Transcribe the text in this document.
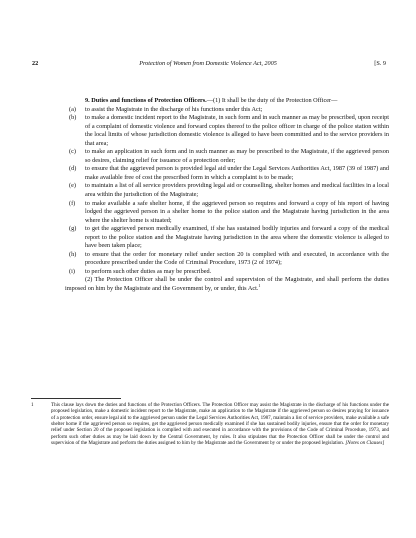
22	Protection of Women from Domestic Violence Act, 2005	[S. 9

9. Duties and functions of Protection Officers.—(1) It shall be the duty of the Protection Officer—

(a)	to assist the Magistrate in the discharge of his functions under this Act;
(b)	to make a domestic incident report to the Magistrate, in such form and in such manner as may be prescribed, upon receipt of a complaint of domestic violence and forward copies thereof to the police officer in charge of the police station within the local limits of whose jurisdiction domestic violence is alleged to have been committed and to the service providers in that area;
(c)	to make an application in such form and in such manner as may be prescribed to the Magistrate, if the aggrieved person so desires, claiming relief for issuance of a protection order;
(d)	to ensure that the aggrieved person is provided legal aid under the Legal Services Authorities Act, 1987 (39 of 1987) and make available free of cost the prescribed form in which a complaint is to be made;
(e)	to maintain a list of all service providers providing legal aid or counselling, shelter homes and medical facilities in a local area within the jurisdiction of the Magistrate;
(f)	to make available a safe shelter home, if the aggrieved person so requires and forward a copy of his report of having lodged the aggrieved person in a shelter home to the police station and the Magistrate having jurisdiction in the area where the shelter home is situated;
(g)	to get the aggrieved person medically examined, if she has sustained bodily injuries and forward a copy of the medical report to the police station and the Magistrate having jurisdiction in the area where the domestic violence is alleged to have been taken place;
(h)	to ensure that the order for monetary relief under section 20 is complied with and executed, in accordance with the procedure prescribed under the Code of Criminal Procedure, 1973 (2 of 1974);
(i)	to perform such other duties as may be prescribed.

(2) The Protection Officer shall be under the control and supervision of the Magistrate, and shall perform the duties imposed on him by the Magistrate and the Government by, or under, this Act.$^1$

1	This clause lays down the duties and functions of the Protection Officers. The Protection Officer may assist the Magistrate in the discharge of his functions under the proposed legislation, make a domestic incident report to the Magistrate, make an application to the Magistrate if the aggrieved person so desires praying for issuance of a protection order, ensure legal aid to the aggrieved person under the Legal Services Authorities Act, 1987, maintain a list of service providers, make available a safe shelter home if the aggrieved person so requires, get the aggrieved person medically examined if she has sustained bodily injuries, ensure that the order for monetary relief under Section 20 of the proposed legislation is complied with and executed in accordance with the provisions of the Code of Criminal Procedure, 1973, and perform such other duties as may be laid down by the Central Government, by rules. It also stipulates that the Protection Officer shall be under the control and supervision of the Magistrate and perform the duties assigned to him by the Magistrate and the Government by or under the proposed legislation. [Notes on Clauses]
